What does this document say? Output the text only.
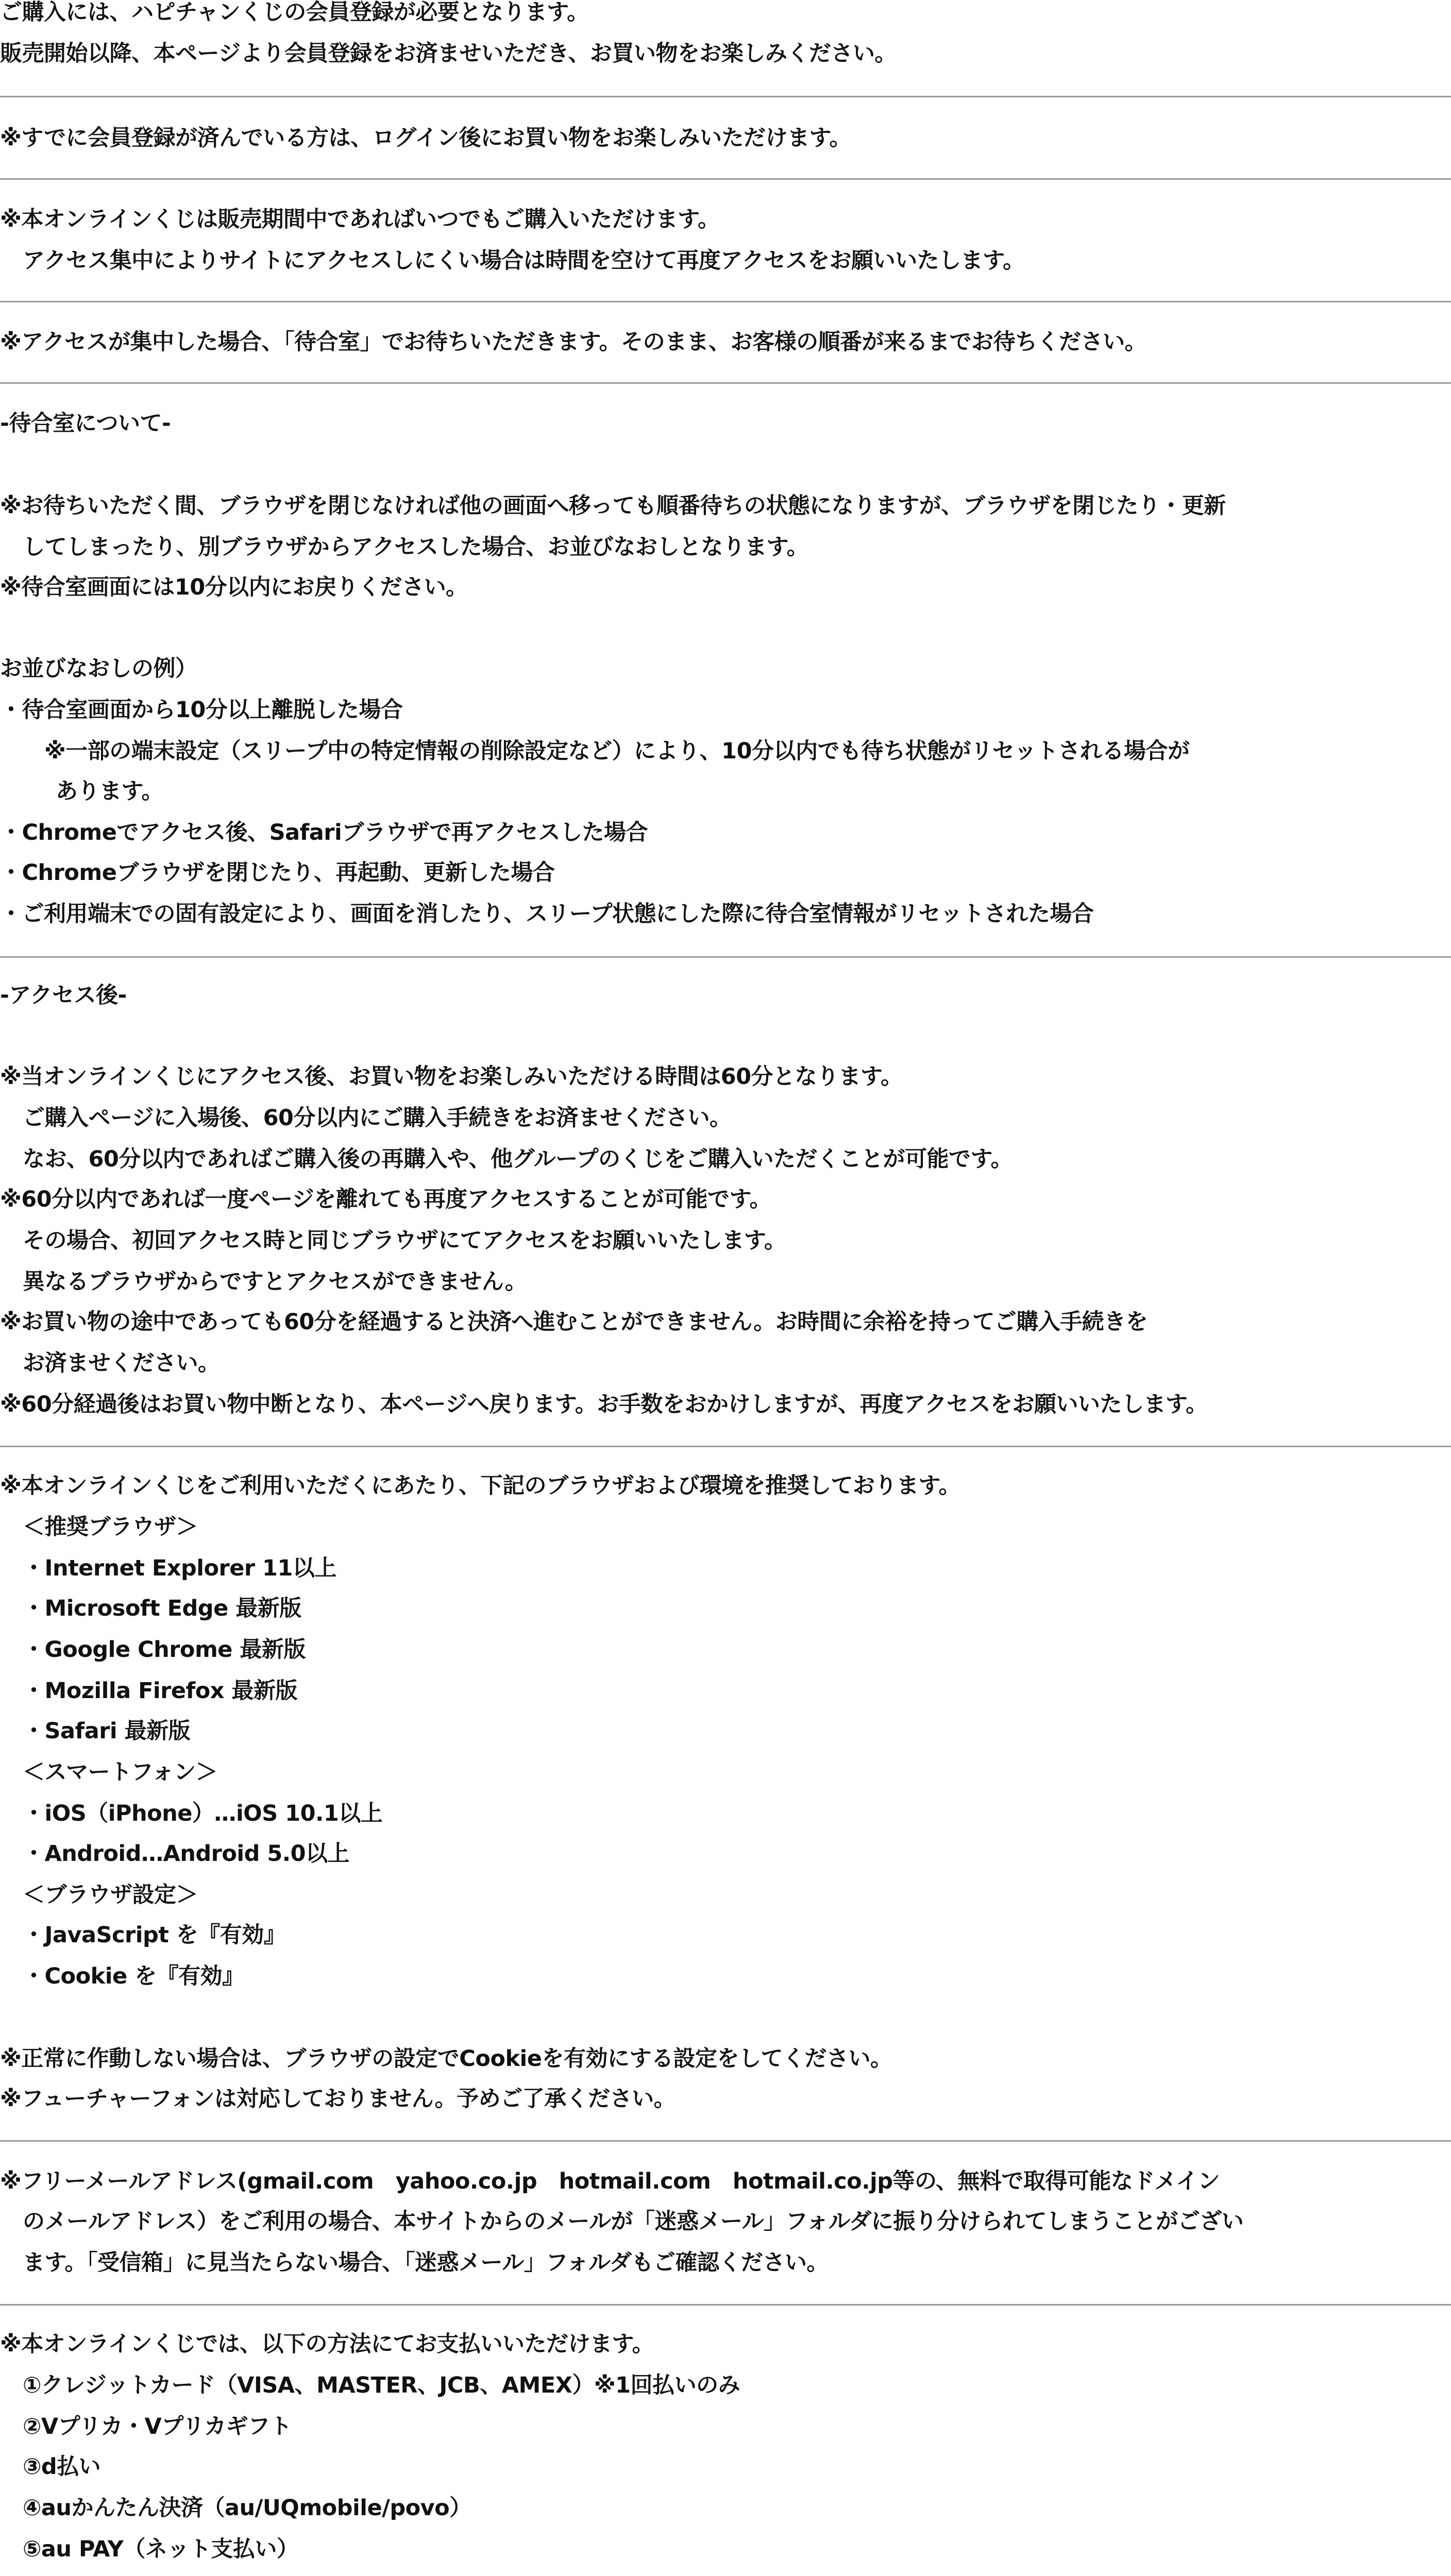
ご購入には、ハピチャンくじの会員登録が必要となります。
販売開始以降、本ページより会員登録をお済ませいただき、お買い物をお楽しみください。
※すでに会員登録が済んでいる方は、ログイン後にお買い物をお楽しみいただけます。
※本オンラインくじは販売期間中であればいつでもご購入いただけます。
アクセス集中によりサイトにアクセスしにくい場合は時間を空けて再度アクセスをお願いいたします。
※アクセスが集中した場合、「待合室」でお待ちいただきます。そのまま、お客様の順番が来るまでお待ちください。
-待合室について-
※お待ちいただく間、ブラウザを閉じなければ他の画面へ移っても順番待ちの状態になりますが、ブラウザを閉じたり・更新
してしまったり、別ブラウザからアクセスした場合、お並びなおしとなります。
※待合室画面には10分以内にお戻りください。
お並びなおしの例）
・待合室画面から10分以上離脱した場合
※一部の端末設定（スリープ中の特定情報の削除設定など）により、10分以内でも待ち状態がリセットされる場合が
あります。
・Chromeでアクセス後、Safariブラウザで再アクセスした場合
・Chromeブラウザを閉じたり、再起動、更新した場合
・ご利用端末での固有設定により、画面を消したり、スリープ状態にした際に待合室情報がリセットされた場合
-アクセス後-
※当オンラインくじにアクセス後、お買い物をお楽しみいただける時間は60分となります。
ご購入ページに入場後、60分以内にご購入手続きをお済ませください。
なお、60分以内であればご購入後の再購入や、他グループのくじをご購入いただくことが可能です。
※60分以内であれば一度ページを離れても再度アクセスすることが可能です。
その場合、初回アクセス時と同じブラウザにてアクセスをお願いいたします。
異なるブラウザからですとアクセスができません。
※お買い物の途中であっても60分を経過すると決済へ進むことができません。お時間に余裕を持ってご購入手続きを
お済ませください。
※60分経過後はお買い物中断となり、本ページへ戻ります。お手数をおかけしますが、再度アクセスをお願いいたします。
※本オンラインくじをご利用いただくにあたり、下記のブラウザおよび環境を推奨しております。
＜推奨ブラウザ＞
・Internet Explorer 11以上
・Microsoft Edge 最新版
・Google Chrome 最新版
・Mozilla Firefox 最新版
・Safari 最新版
＜スマートフォン＞
・iOS（iPhone）…iOS 10.1以上
・Android…Android 5.0以上
＜ブラウザ設定＞
・JavaScript を『有効』
・Cookie を『有効』
※正常に作動しない場合は、ブラウザの設定でCookieを有効にする設定をしてください。
※フューチャーフォンは対応しておりません。予めご了承ください。
※フリーメールアドレス(gmail.com　yahoo.co.jp　hotmail.com　hotmail.co.jp等の、無料で取得可能なドメイン
のメールアドレス）をご利用の場合、本サイトからのメールが「迷惑メール」フォルダに振り分けられてしまうことがござい
ます。「受信箱」に見当たらない場合、「迷惑メール」フォルダもご確認ください。
※本オンラインくじでは、以下の方法にてお支払いいただけます。
①クレジットカード（VISA、MASTER、JCB、AMEX）※1回払いのみ
②Vプリカ・Vプリカギフト
③d払い
④auかんたん決済（au/UQmobile/povo）
⑤au PAY（ネット支払い）
